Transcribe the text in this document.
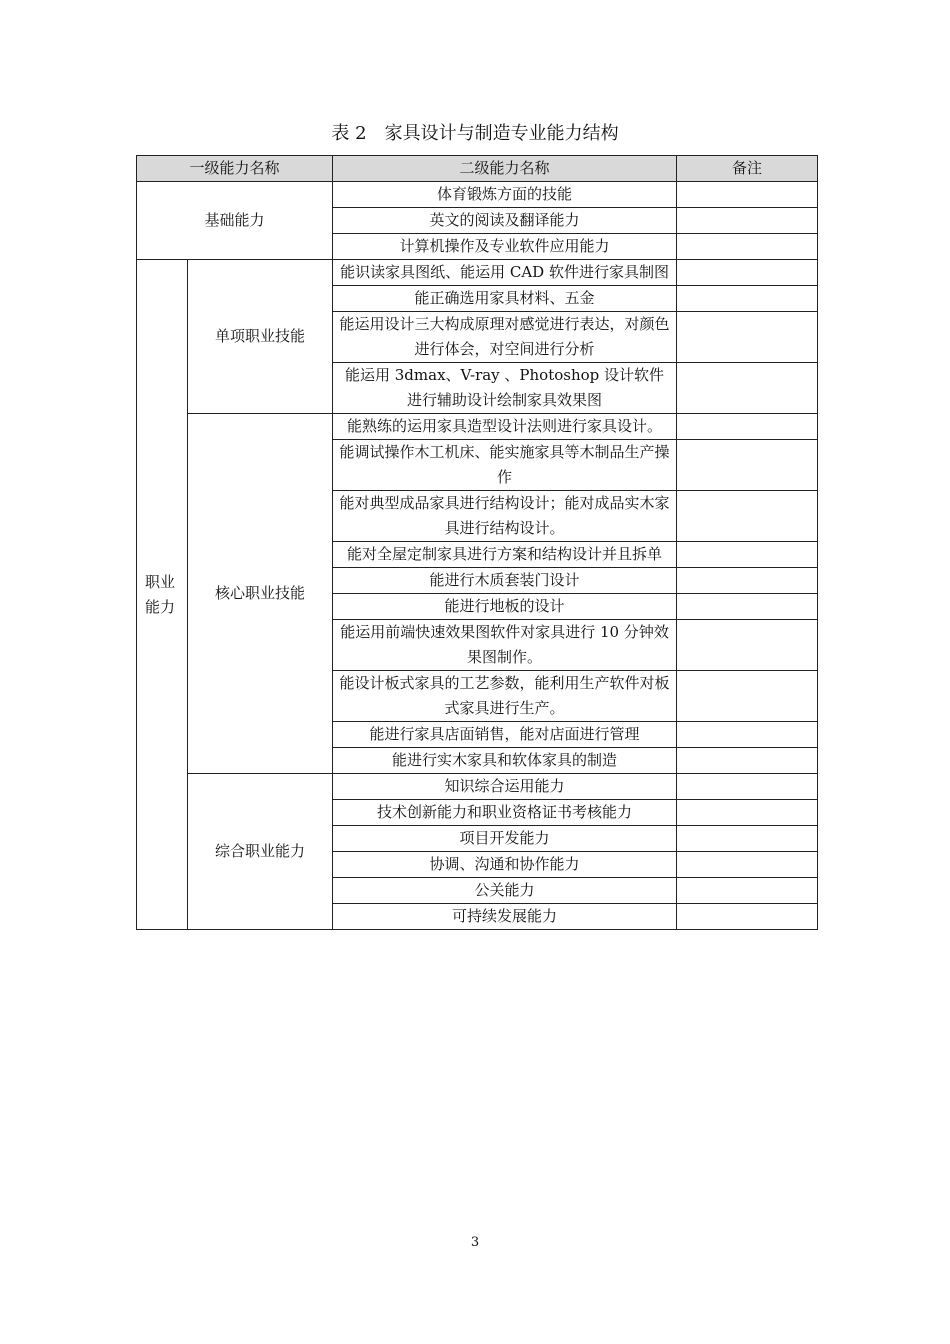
表 2　家具设计与制造专业能力结构
一级能力名称		二级能力名称	备注
基础能力		体育锻炼方面的技能	
		英文的阅读及翻译能力	
		计算机操作及专业软件应用能力	
职业能力	单项职业技能	能识读家具图纸、能运用 CAD 软件进行家具制图	
		能正确选用家具材料、五金	
		能运用设计三大构成原理对感觉进行表达，对颜色进行体会，对空间进行分析	
		能运用 3dmax、V-ray 、Photoshop 设计软件进行辅助设计绘制家具效果图	
	核心职业技能	能熟练的运用家具造型设计法则进行家具设计。	
		能调试操作木工机床、能实施家具等木制品生产操作	
		能对典型成品家具进行结构设计；能对成品实木家具进行结构设计。	
		能对全屋定制家具进行方案和结构设计并且拆单	
		能进行木质套装门设计	
		能进行地板的设计	
		能运用前端快速效果图软件对家具进行 10 分钟效果图制作。	
		能设计板式家具的工艺参数，能利用生产软件对板式家具进行生产。	
		能进行家具店面销售，能对店面进行管理	
		能进行实木家具和软体家具的制造	
	综合职业能力	知识综合运用能力	
		技术创新能力和职业资格证书考核能力	
		项目开发能力	
		协调、沟通和协作能力	
		公关能力	
		可持续发展能力	
3
